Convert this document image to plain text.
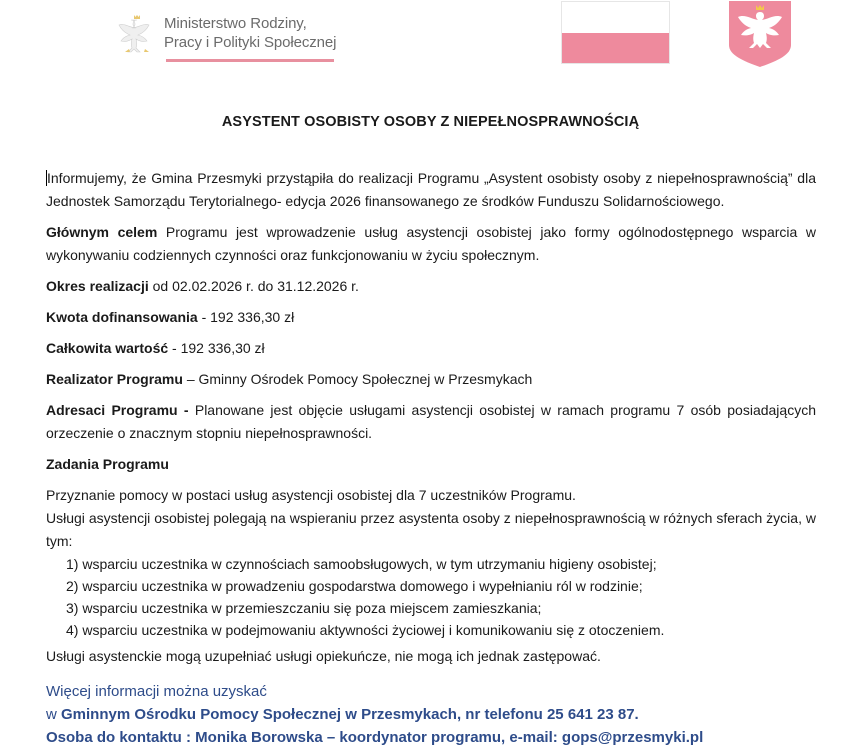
Ministerstwo Rodziny,
Pracy i Polityki Społecznej
ASYSTENT OSOBISTY OSOBY Z NIEPEŁNOSPRAWNOŚCIĄ

Informujemy, że Gmina Przesmyki przystąpiła do realizacji Programu „Asystent osobisty osoby z niepełnosprawnością” dla Jednostek Samorządu Terytorialnego- edycja 2026 finansowanego ze środków Funduszu Solidarnościowego.

Głównym celem Programu jest wprowadzenie usług asystencji osobistej jako formy ogólnodostępnego wsparcia w wykonywaniu codziennych czynności oraz funkcjonowaniu w życiu społecznym.

Okres realizacji od 02.02.2026 r. do 31.12.2026 r.

Kwota dofinansowania - 192 336,30 zł

Całkowita wartość - 192 336,30 zł

Realizator Programu – Gminny Ośrodek Pomocy Społecznej w Przesmykach

Adresaci Programu - Planowane jest objęcie usługami asystencji osobistej w ramach programu 7 osób posiadających orzeczenie o znacznym stopniu niepełnosprawności.

Zadania Programu

Przyznanie pomocy w postaci usług asystencji osobistej dla 7 uczestników Programu.

Usługi asystencji osobistej polegają na wspieraniu przez asystenta osoby z niepełnosprawnością w różnych sferach życia, w tym:

1) wsparciu uczestnika w czynnościach samoobsługowych, w tym utrzymaniu higieny osobistej;
2) wsparciu uczestnika w prowadzeniu gospodarstwa domowego i wypełnianiu ról w rodzinie;
3) wsparciu uczestnika w przemieszczaniu się poza miejscem zamieszkania;
4) wsparciu uczestnika w podejmowaniu aktywności życiowej i komunikowaniu się z otoczeniem.

Usługi asystenckie mogą uzupełniać usługi opiekuńcze, nie mogą ich jednak zastępować.

Więcej informacji można uzyskać

w Gminnym Ośrodku Pomocy Społecznej w Przesmykach, nr telefonu 25 641 23 87.

Osoba do kontaktu : Monika Borowska – koordynator programu, e-mail: gops@przesmyki.pl
